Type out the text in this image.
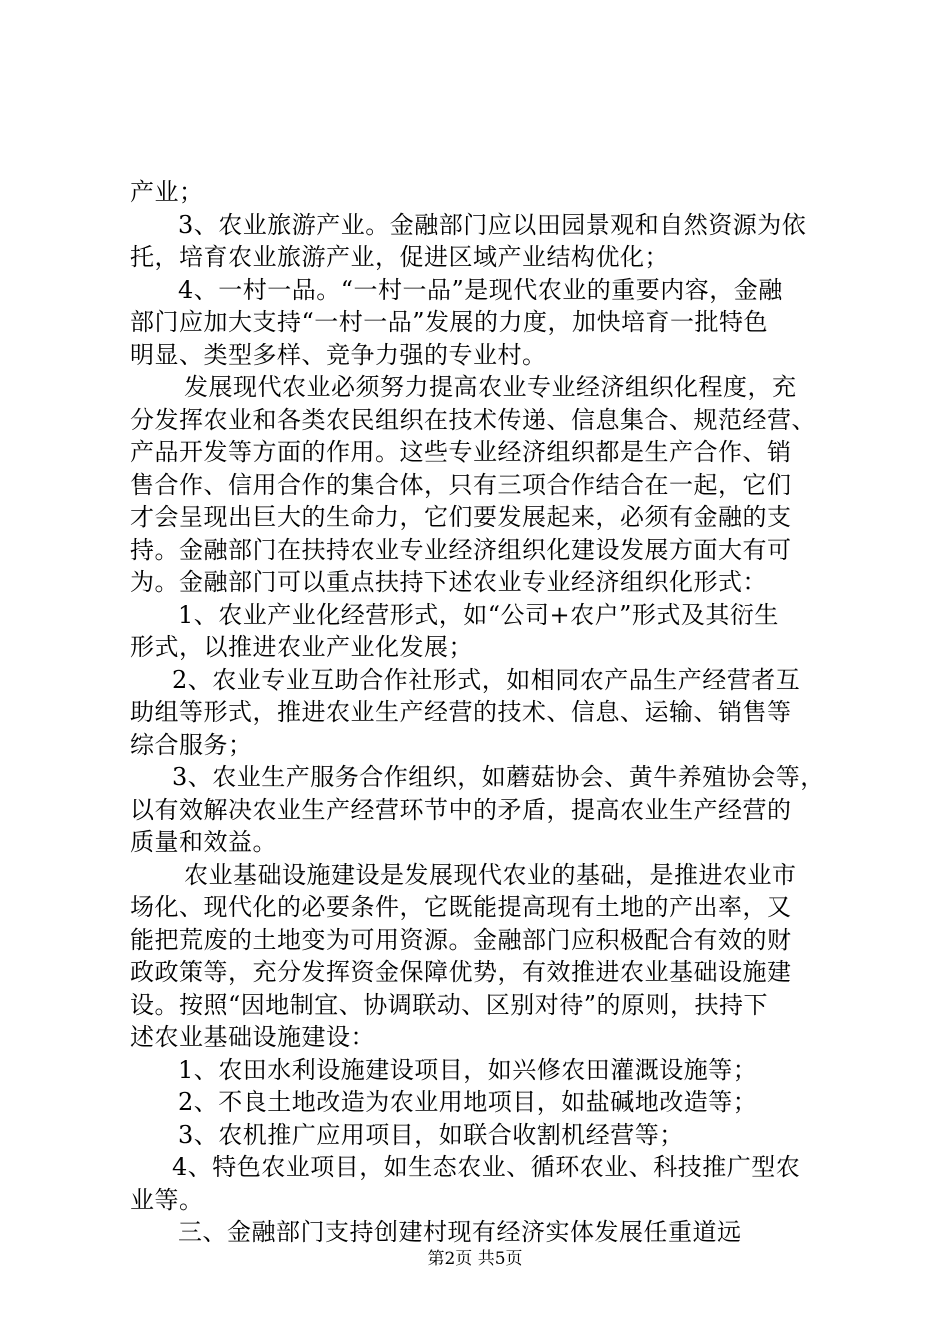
产业；
3、农业旅游产业。金融部门应以田园景观和自然资源为依
托，培育农业旅游产业，促进区域产业结构优化；
4、一村一品。“一村一品”是现代农业的重要内容，金融
部门应加大支持“一村一品”发展的力度，加快培育一批特色
明显、类型多样、竞争力强的专业村。
发展现代农业必须努力提高农业专业经济组织化程度，充
分发挥农业和各类农民组织在技术传递、信息集合、规范经营、
产品开发等方面的作用。这些专业经济组织都是生产合作、销
售合作、信用合作的集合体，只有三项合作结合在一起，它们
才会呈现出巨大的生命力，它们要发展起来，必须有金融的支
持。金融部门在扶持农业专业经济组织化建设发展方面大有可
为。金融部门可以重点扶持下述农业专业经济组织化形式：
1、农业产业化经营形式，如“公司+农户”形式及其衍生
形式，以推进农业产业化发展；
2、农业专业互助合作社形式，如相同农产品生产经营者互
助组等形式，推进农业生产经营的技术、信息、运输、销售等
综合服务；
3、农业生产服务合作组织，如蘑菇协会、黄牛养殖协会等，
以有效解决农业生产经营环节中的矛盾，提高农业生产经营的
质量和效益。
农业基础设施建设是发展现代农业的基础，是推进农业市
场化、现代化的必要条件，它既能提高现有土地的产出率，又
能把荒废的土地变为可用资源。金融部门应积极配合有效的财
政政策等，充分发挥资金保障优势，有效推进农业基础设施建
设。按照“因地制宜、协调联动、区别对待”的原则，扶持下
述农业基础设施建设：
1、农田水利设施建设项目，如兴修农田灌溉设施等；
2、不良土地改造为农业用地项目，如盐碱地改造等；
3、农机推广应用项目，如联合收割机经营等；
4、特色农业项目，如生态农业、循环农业、科技推广型农
业等。
三、金融部门支持创建村现有经济实体发展任重道远
第2页 共5页
